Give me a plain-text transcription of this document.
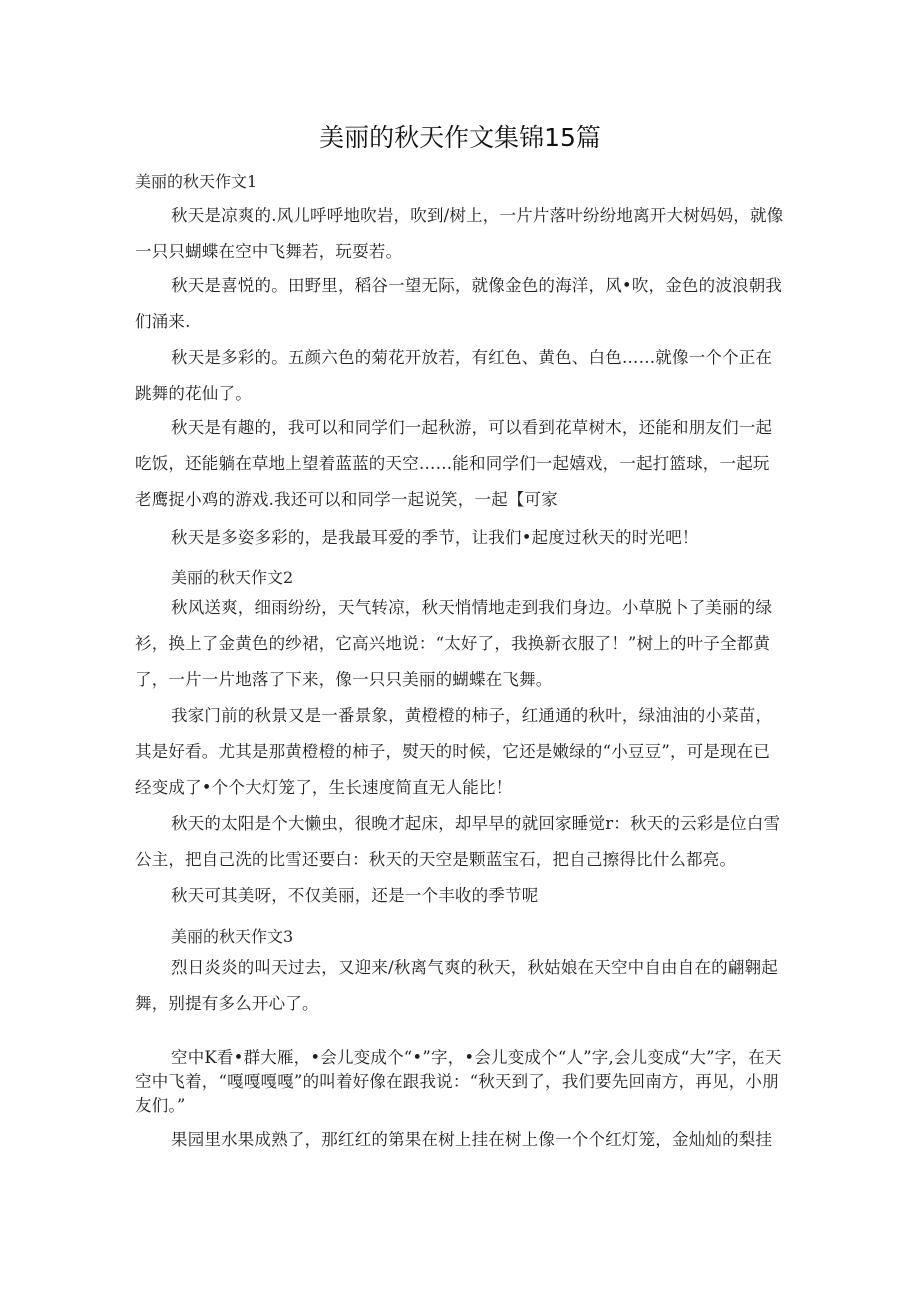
美丽的秋天作文集锦15篇
美丽的秋天作文1
秋天是凉爽的.风儿呼呼地吹岩，吹到/树上，一片片落叶纷纷地离开大树妈妈，就像一只只蝴蝶在空中飞舞若，玩耍若。
秋天是喜悦的。田野里，稻谷一望无际，就像金色的海洋，风•吹，金色的波浪朝我们涌来.
秋天是多彩的。五颜六色的菊花开放若，有红色、黄色、白色……就像一个个正在跳舞的花仙了。
秋天是有趣的，我可以和同学们一起秋游，可以看到花草树木，还能和朋友们一起吃饭，还能躺在草地上望着蓝蓝的天空……能和同学们一起嬉戏，一起打篮球，一起玩老鹰捉小鸡的游戏.我还可以和同学一起说笑，一起【可家
秋天是多姿多彩的，是我最耳爱的季节，让我们•起度过秋天的时光吧！
美丽的秋天作文2
秋风送爽，细雨纷纷，天气转凉，秋天悄情地走到我们身边。小草脱卜了美丽的绿衫，换上了金黄色的纱裙，它高兴地说：“太好了，我换新衣服了！”树上的叶子全都黄了，一片一片地落了下来，像一只只美丽的蝴蝶在飞舞。
我家门前的秋景又是一番景象，黄橙橙的柿子，红通通的秋叶，绿油油的小菜苗，其是好看。尤其是那黄橙橙的柿子，熨天的时候，它还是嫩绿的“小豆豆”，可是现在已经变成了•个个大灯笼了，生长速度简直无人能比！
秋天的太阳是个大懒虫，很晚才起床，却早早的就回家睡觉r：秋天的云彩是位白雪公主，把自己洗的比雪还要白：秋天的天空是颗蓝宝石，把自己擦得比什么都亮。
秋天可其美呀，不仅美丽，还是一个丰收的季节呢
美丽的秋天作文3
烈日炎炎的叫天过去，又迎来/秋离气爽的秋天，秋姑娘在天空中自由自在的翩翱起舞，别提有多么开心了。
空中K看•群大雁，•会儿变成个“•”字，•会儿变成个“人”字,会儿变成“大”字，在天空中飞着，“嘎嘎嘎嘎”的叫着好像在跟我说：“秋天到了，我们要先回南方，再见，小朋友们。”
果园里水果成熟了，那红红的第果在树上挂在树上像一个个红灯笼，金灿灿的梨挂
